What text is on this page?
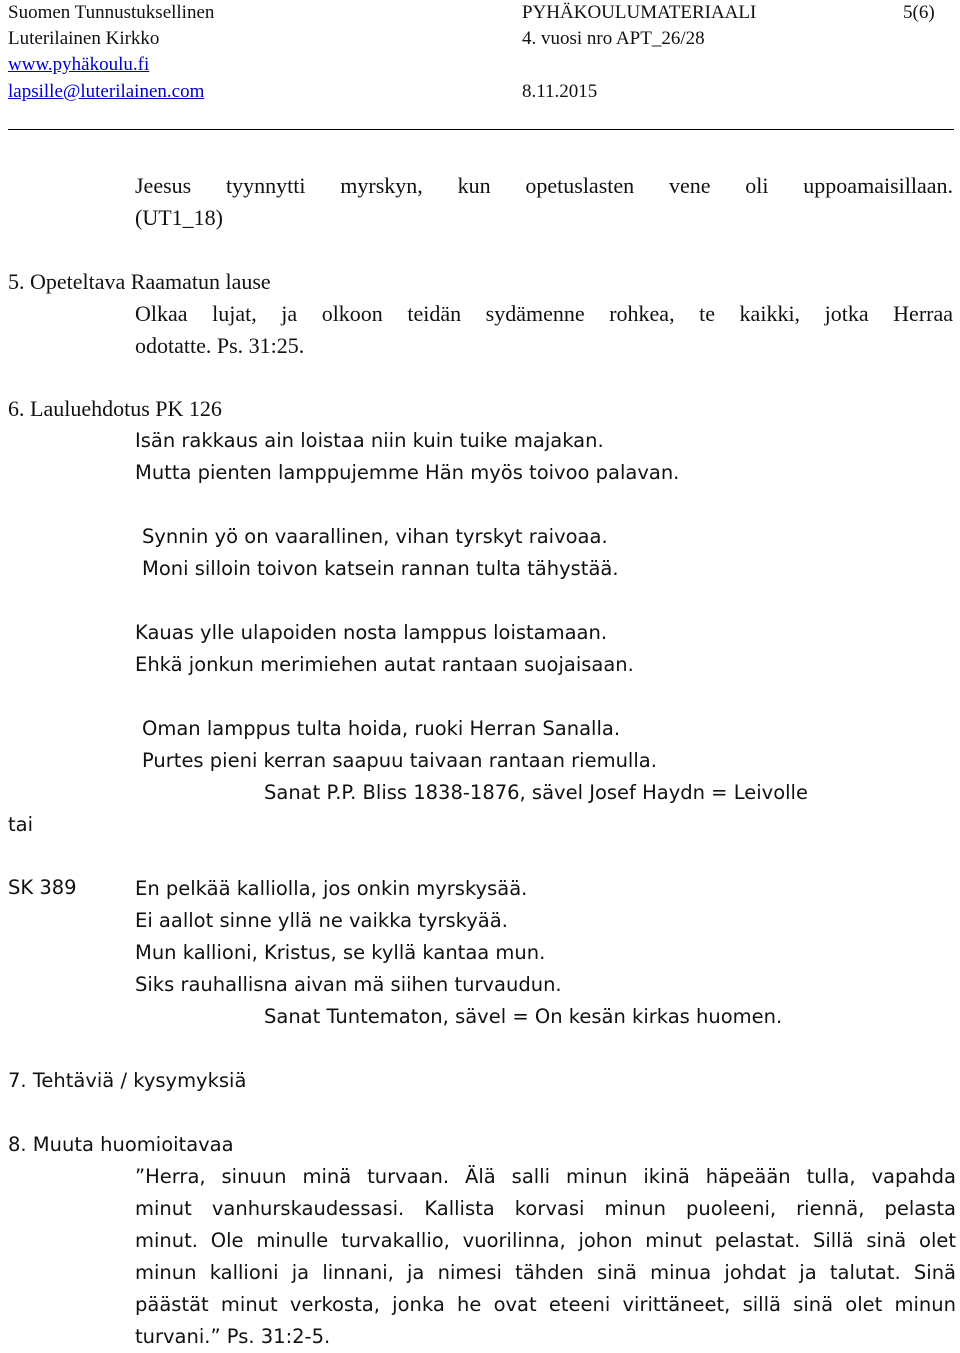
Suomen Tunnustuksellinen
Luterilainen Kirkko
www.pyhäkoulu.fi
lapsille@luterilainen.com
PYHÄKOULUMATERIAALI
4. vuosi nro APT_26/28
8.11.2015
5(6)
Jeesus tyynnytti myrskyn, kun opetuslasten vene oli uppoamaisillaan.
(UT1_18)
5. Opeteltava Raamatun lause
Olkaa lujat, ja olkoon teidän sydämenne rohkea, te kaikki, jotka Herraa
odotatte. Ps. 31:25.
6. Lauluehdotus PK 126
Isän rakkaus ain loistaa niin kuin tuike majakan.
Mutta pienten lamppujemme Hän myös toivoo palavan.
Synnin yö on vaarallinen, vihan tyrskyt raivoaa.
Moni silloin toivon katsein rannan tulta tähystää.
Kauas ylle ulapoiden nosta lamppus loistamaan.
Ehkä jonkun merimiehen autat rantaan suojaisaan.
Oman lamppus tulta hoida, ruoki Herran Sanalla.
Purtes pieni kerran saapuu taivaan rantaan riemulla.
Sanat P.P. Bliss 1838-1876, sävel Josef Haydn = Leivolle
tai
SK 389	En pelkää kalliolla, jos onkin myrskysää.
Ei aallot sinne yllä ne vaikka tyrskyää.
Mun kallioni, Kristus, se kyllä kantaa mun.
Siks rauhallisna aivan mä siihen turvaudun.
Sanat Tuntematon, sävel = On kesän kirkas huomen.
7. Tehtäviä / kysymyksiä
8. Muuta huomioitavaa
”Herra, sinuun minä turvaan. Älä salli minun ikinä häpeään tulla, vapahda
minut vanhurskaudessasi. Kallista korvasi minun puoleeni, riennä, pelasta
minut. Ole minulle turvakallio, vuorilinna, johon minut pelastat. Sillä sinä olet
minun kallioni ja linnani, ja nimesi tähden sinä minua johdat ja talutat. Sinä
päästät minut verkosta, jonka he ovat eteeni virittäneet, sillä sinä olet minun
turvani.” Ps. 31:2-5.
